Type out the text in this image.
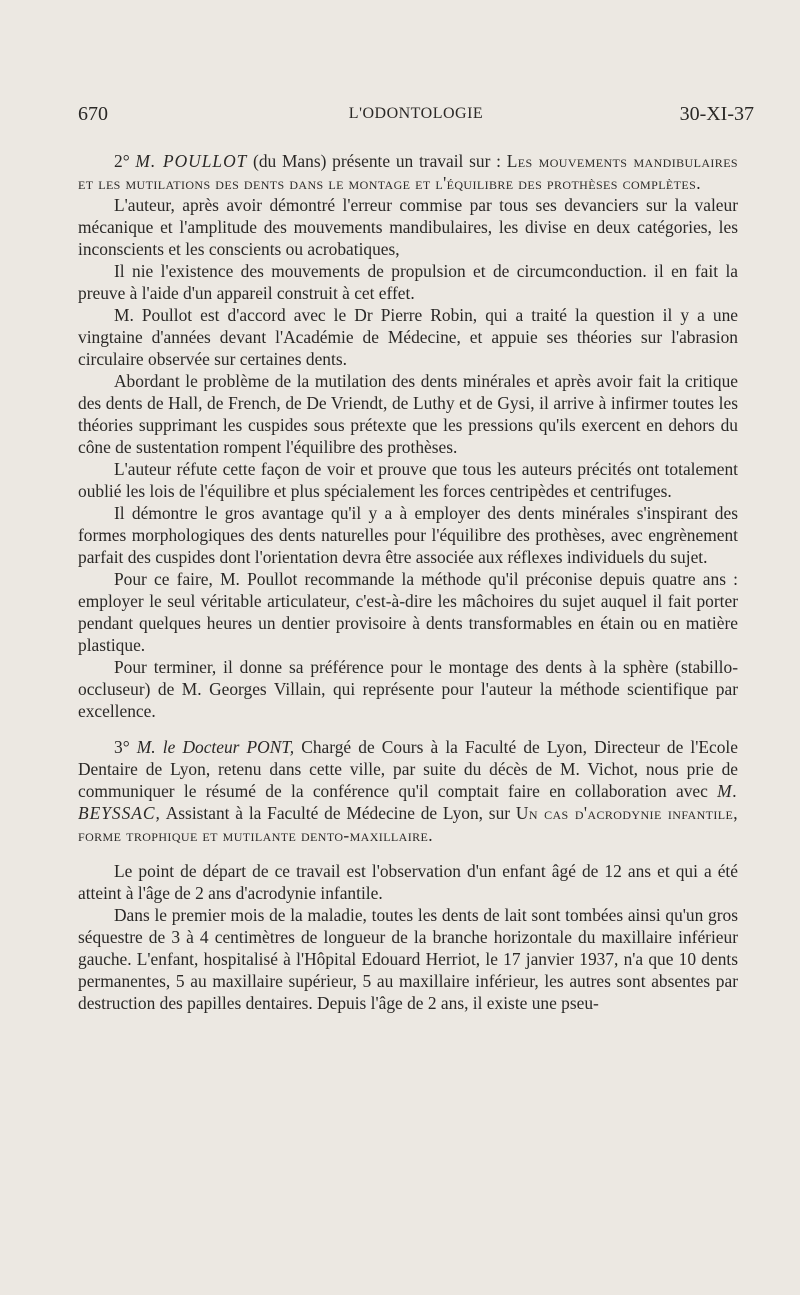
670	L'ODONTOLOGIE	30-XI-37

2° M. POULLOT (du Mans) présente un travail sur : Les mouvements mandibulaires et les mutilations des dents dans le montage et l'équilibre des prothèses complètes.

L'auteur, après avoir démontré l'erreur commise par tous ses devanciers sur la valeur mécanique et l'amplitude des mouvements mandibulaires, les divise en deux catégories, les inconscients et les conscients ou acrobatiques,

Il nie l'existence des mouvements de propulsion et de circumconduction. il en fait la preuve à l'aide d'un appareil construit à cet effet.

M. Poullot est d'accord avec le Dr Pierre Robin, qui a traité la question il y a une vingtaine d'années devant l'Académie de Médecine, et appuie ses théories sur l'abrasion circulaire observée sur certaines dents.

Abordant le problème de la mutilation des dents minérales et après avoir fait la critique des dents de Hall, de French, de De Vriendt, de Luthy et de Gysi, il arrive à infirmer toutes les théories supprimant les cuspides sous prétexte que les pressions qu'ils exercent en dehors du cône de sustentation rompent l'équilibre des prothèses.

L'auteur réfute cette façon de voir et prouve que tous les auteurs précités ont totalement oublié les lois de l'équilibre et plus spécialement les forces centripèdes et centrifuges.

Il démontre le gros avantage qu'il y a à employer des dents minérales s'inspirant des formes morphologiques des dents naturelles pour l'équilibre des prothèses, avec engrènement parfait des cuspides dont l'orientation devra être associée aux réflexes individuels du sujet.

Pour ce faire, M. Poullot recommande la méthode qu'il préconise depuis quatre ans : employer le seul véritable articulateur, c'est-à-dire les mâchoires du sujet auquel il fait porter pendant quelques heures un dentier provisoire à dents transformables en étain ou en matière plastique.

Pour terminer, il donne sa préférence pour le montage des dents à la sphère (stabillo-occluseur) de M. Georges Villain, qui représente pour l'auteur la méthode scientifique par excellence.

3° M. le Docteur PONT, Chargé de Cours à la Faculté de Lyon, Directeur de l'Ecole Dentaire de Lyon, retenu dans cette ville, par suite du décès de M. Vichot, nous prie de communiquer le résumé de la conférence qu'il comptait faire en collaboration avec M. BEYSSAC, Assistant à la Faculté de Médecine de Lyon, sur Un cas d'acrodynie infantile, forme trophique et mutilante dento-maxillaire.

Le point de départ de ce travail est l'observation d'un enfant âgé de 12 ans et qui a été atteint à l'âge de 2 ans d'acrodynie infantile.

Dans le premier mois de la maladie, toutes les dents de lait sont tombées ainsi qu'un gros séquestre de 3 à 4 centimètres de longueur de la branche horizontale du maxillaire inférieur gauche. L'enfant, hospitalisé à l'Hôpital Edouard Herriot, le 17 janvier 1937, n'a que 10 dents permanentes, 5 au maxillaire supérieur, 5 au maxillaire inférieur, les autres sont absentes par destruction des papilles dentaires. Depuis l'âge de 2 ans, il existe une pseu-
